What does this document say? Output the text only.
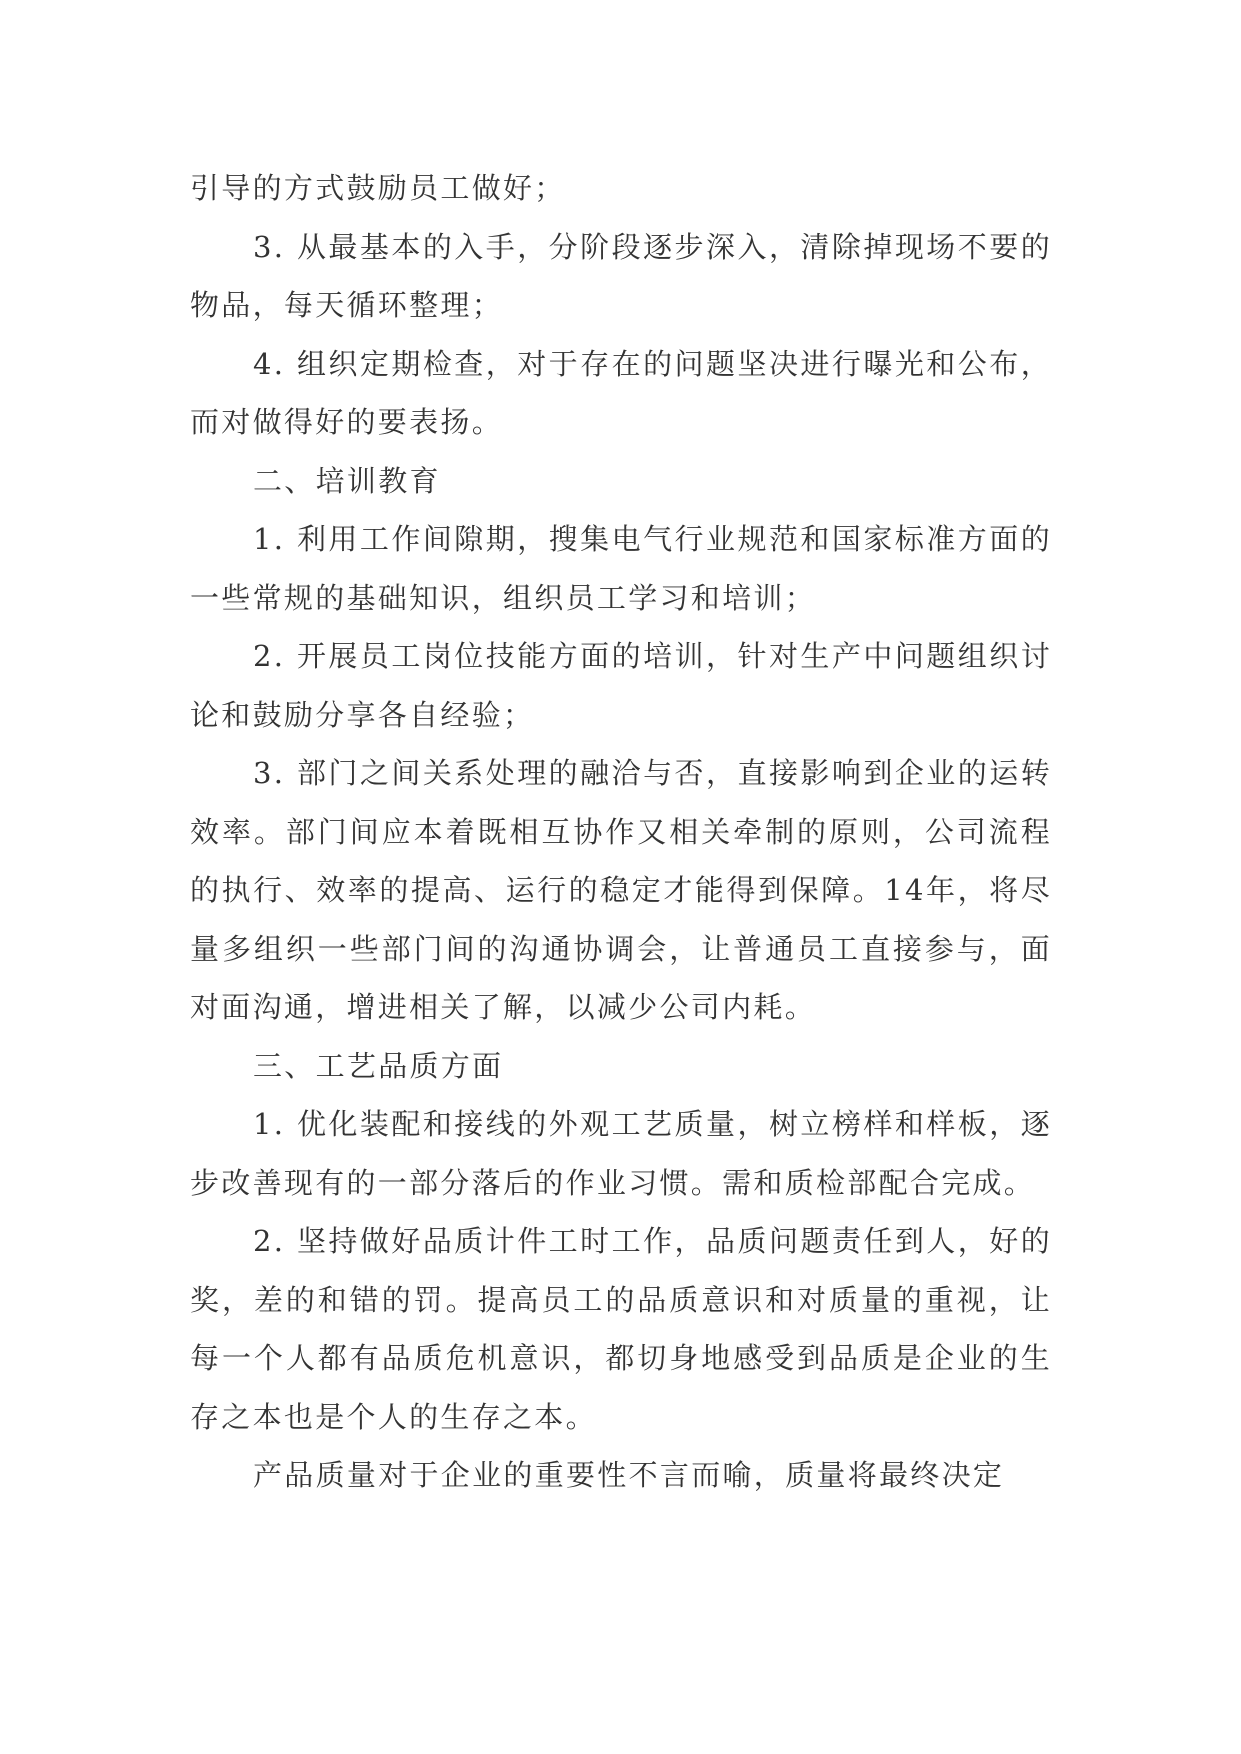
引导的方式鼓励员工做好；

3. 从最基本的入手，分阶段逐步深入，清除掉现场不要的物品，每天循环整理；

4. 组织定期检查，对于存在的问题坚决进行曝光和公布，而对做得好的要表扬。

二、培训教育

1. 利用工作间隙期，搜集电气行业规范和国家标准方面的一些常规的基础知识，组织员工学习和培训；

2. 开展员工岗位技能方面的培训，针对生产中问题组织讨论和鼓励分享各自经验；

3. 部门之间关系处理的融洽与否，直接影响到企业的运转效率。部门间应本着既相互协作又相关牵制的原则，公司流程的执行、效率的提高、运行的稳定才能得到保障。14年，将尽量多组织一些部门间的沟通协调会，让普通员工直接参与，面对面沟通，增进相关了解，以减少公司内耗。

三、工艺品质方面

1. 优化装配和接线的外观工艺质量，树立榜样和样板，逐步改善现有的一部分落后的作业习惯。需和质检部配合完成。

2. 坚持做好品质计件工时工作，品质问题责任到人，好的奖，差的和错的罚。提高员工的品质意识和对质量的重视，让每一个人都有品质危机意识，都切身地感受到品质是企业的生存之本也是个人的生存之本。

产品质量对于企业的重要性不言而喻，质量将最终决定
